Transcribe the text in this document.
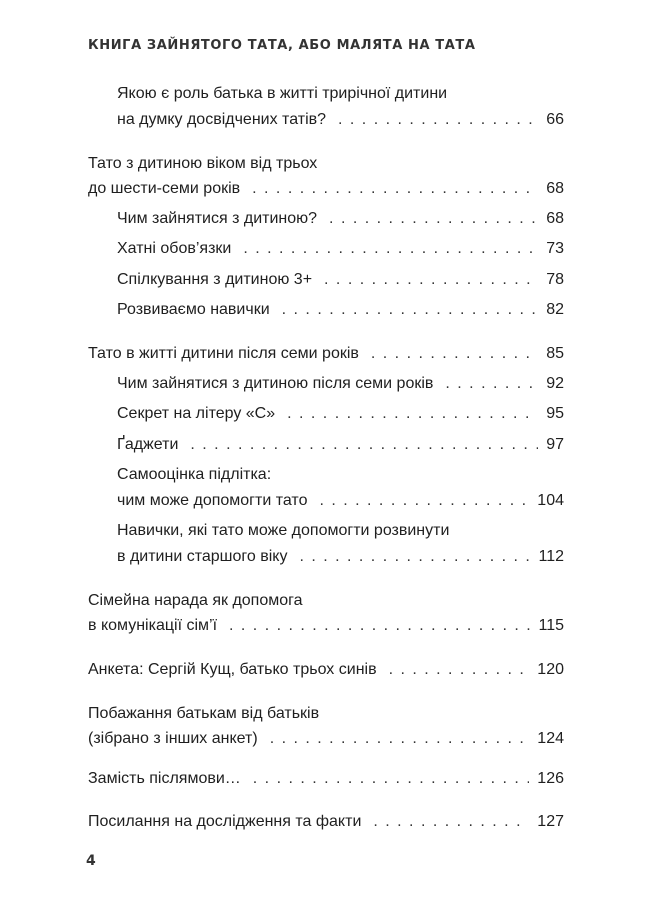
КНИГА ЗАЙНЯТОГО ТАТА, АБО МАЛЯТА НА ТАТА
Якою є роль батька в житті трирічної дитини
на думку досвідчених татів? . . .	66
Тато з дитиною віком від трьох
до шести-семи років . . .	68
Чим зайнятися з дитиною? . . .	68
Хатні обов’язки . . .	73
Спілкування з дитиною 3+ . . .	78
Розвиваємо навички . . .	82
Тато в житті дитини після семи років . . .	85
Чим зайнятися з дитиною після семи років . . .	92
Секрет на літеру «С» . . .	95
Ґаджети . . .	97
Самооцінка підлітка:
чим може допомогти тато . . .	104
Навички, які тато може допомогти розвинути
в дитини старшого віку . . .	112
Сімейна нарада як допомога
в комунікації сім’ї . . .	115
Анкета: Сергій Кущ, батько трьох синів . . .	120
Побажання батькам від батьків
(зібрано з інших анкет) . . .	124
Замість післямови… . . .	126
Посилання на дослідження та факти . . .	127
4
